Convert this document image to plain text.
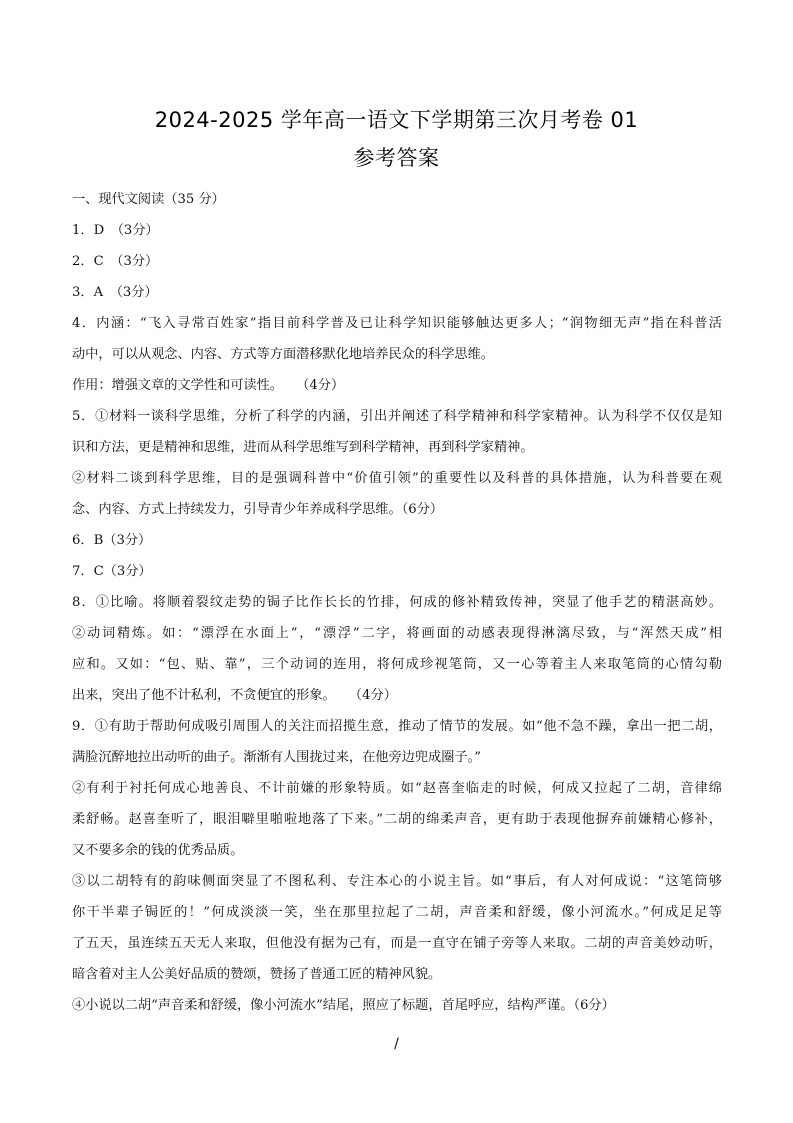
2024-2025 学年高一语文下学期第三次月考卷 01
参考答案
一、现代文阅读（35 分）
1．D　（3分）
2．C　（3分）
3．A　（3分）
4．内涵：“飞入寻常百姓家”指目前科学普及已让科学知识能够触达更多人；“润物细无声”指在科普活
动中，可以从观念、内容、方式等方面潜移默化地培养民众的科学思维。
作用：增强文章的文学性和可读性。　　（4分）
5．①材料一谈科学思维，分析了科学的内涵，引出并阐述了科学精神和科学家精神。认为科学不仅仅是知
识和方法，更是精神和思维，进而从科学思维写到科学精神，再到科学家精神。
②材料二谈到科学思维，目的是强调科普中“价值引领”的重要性以及科普的具体措施，认为科普要在观
念、内容、方式上持续发力，引导青少年养成科学思维。（6分）
6．B（3分）
7．C（3分）
8．①比喻。将顺着裂纹走势的锔子比作长长的竹排，何成的修补精致传神，突显了他手艺的精湛高妙。
②动词精炼。如：“漂浮在水面上”，“漂浮”二字，将画面的动感表现得淋漓尽致，与“浑然天成”相
应和。又如：“包、贴、靠”，三个动词的连用，将何成珍视笔筒，又一心等着主人来取笔筒的心情勾勒
出来，突出了他不计私利，不贪便宜的形象。　　（4分）
9．①有助于帮助何成吸引周围人的关注而招揽生意，推动了情节的发展。如“他不急不躁，拿出一把二胡，
满脸沉醉地拉出动听的曲子。渐渐有人围拢过来，在他旁边兜成圈子。”
②有利于衬托何成心地善良、不计前嫌的形象特质。如“赵喜奎临走的时候，何成又拉起了二胡，音律绵
柔舒畅。赵喜奎听了，眼泪噼里啪啦地落了下来。”二胡的绵柔声音，更有助于表现他摒弃前嫌精心修补，
又不要多余的钱的优秀品质。
③以二胡特有的韵味侧面突显了不图私利、专注本心的小说主旨。如“事后，有人对何成说：“这笔筒够
你干半辈子锔匠的！”何成淡淡一笑，坐在那里拉起了二胡，声音柔和舒缓，像小河流水。”何成足足等
了五天，虽连续五天无人来取，但他没有据为己有，而是一直守在铺子旁等人来取。二胡的声音美妙动听，
暗含着对主人公美好品质的赞颂，赞扬了普通工匠的精神风貌。
④小说以二胡“声音柔和舒缓，像小河流水”结尾，照应了标题，首尾呼应，结构严谨。（6分）
/
